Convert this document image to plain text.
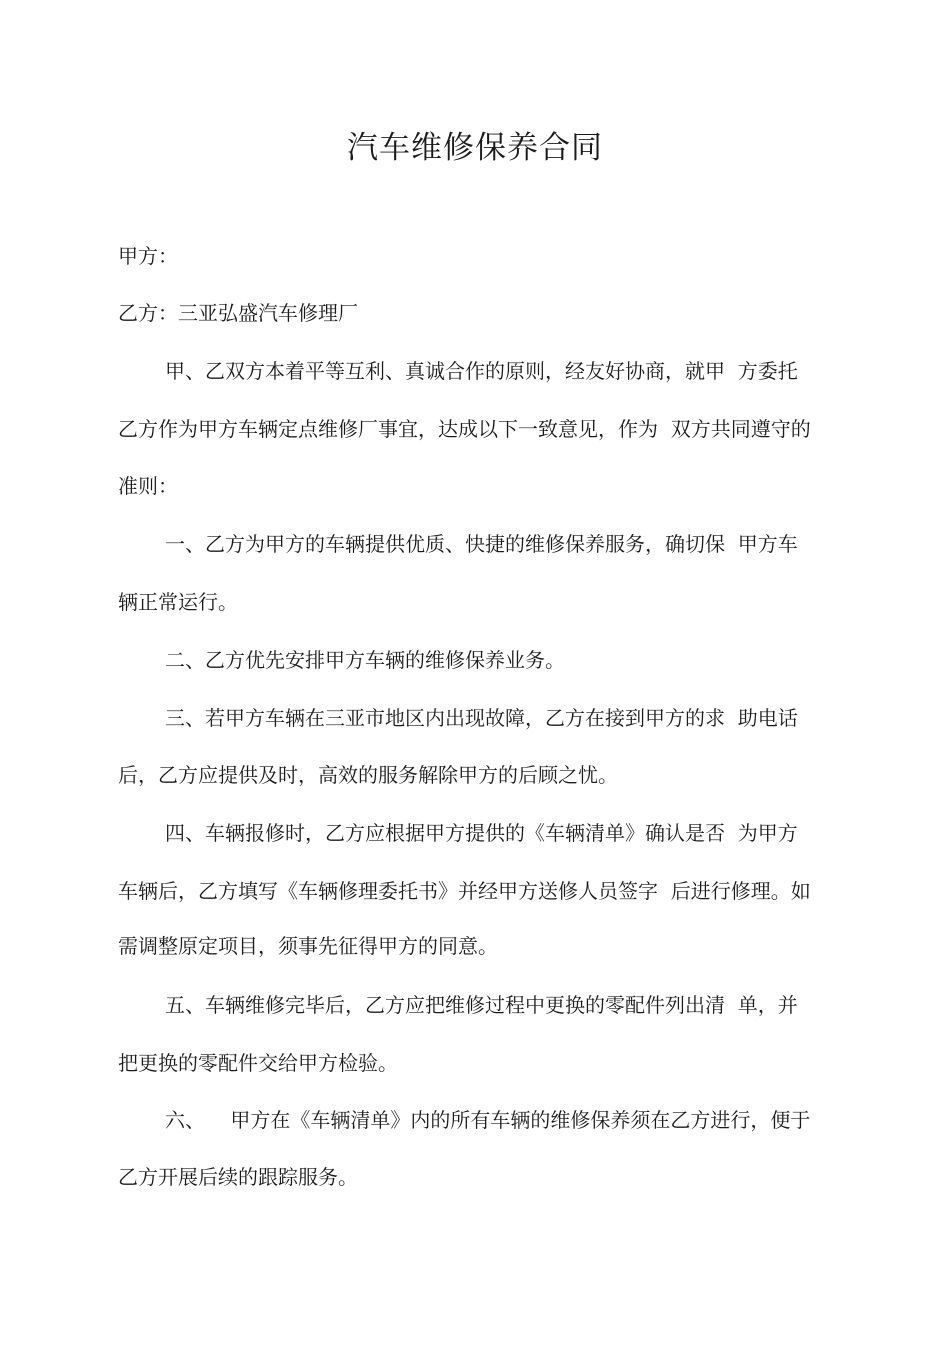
汽车维修保养合同

甲方：

乙方：三亚弘盛汽车修理厂

甲、乙双方本着平等互利、真诚合作的原则，经友好协商，就甲  方委托

乙方作为甲方车辆定点维修厂事宜，达成以下一致意见，作为  双方共同遵守的

准则：

一、乙方为甲方的车辆提供优质、快捷的维修保养服务，确切保  甲方车

辆正常运行。

二、乙方优先安排甲方车辆的维修保养业务。

三、若甲方车辆在三亚市地区内出现故障，乙方在接到甲方的求  助电话

后，乙方应提供及时，高效的服务解除甲方的后顾之忧。

四、车辆报修时，乙方应根据甲方提供的《车辆清单》确认是否  为甲方

车辆后，乙方填写《车辆修理委托书》并经甲方送修人员签字  后进行修理。如

需调整原定项目，须事先征得甲方的同意。

五、车辆维修完毕后，乙方应把维修过程中更换的零配件列出清  单，并

把更换的零配件交给甲方检验。

六、    甲方在《车辆清单》内的所有车辆的维修保养须在乙方进行，便于

乙方开展后续的跟踪服务。
